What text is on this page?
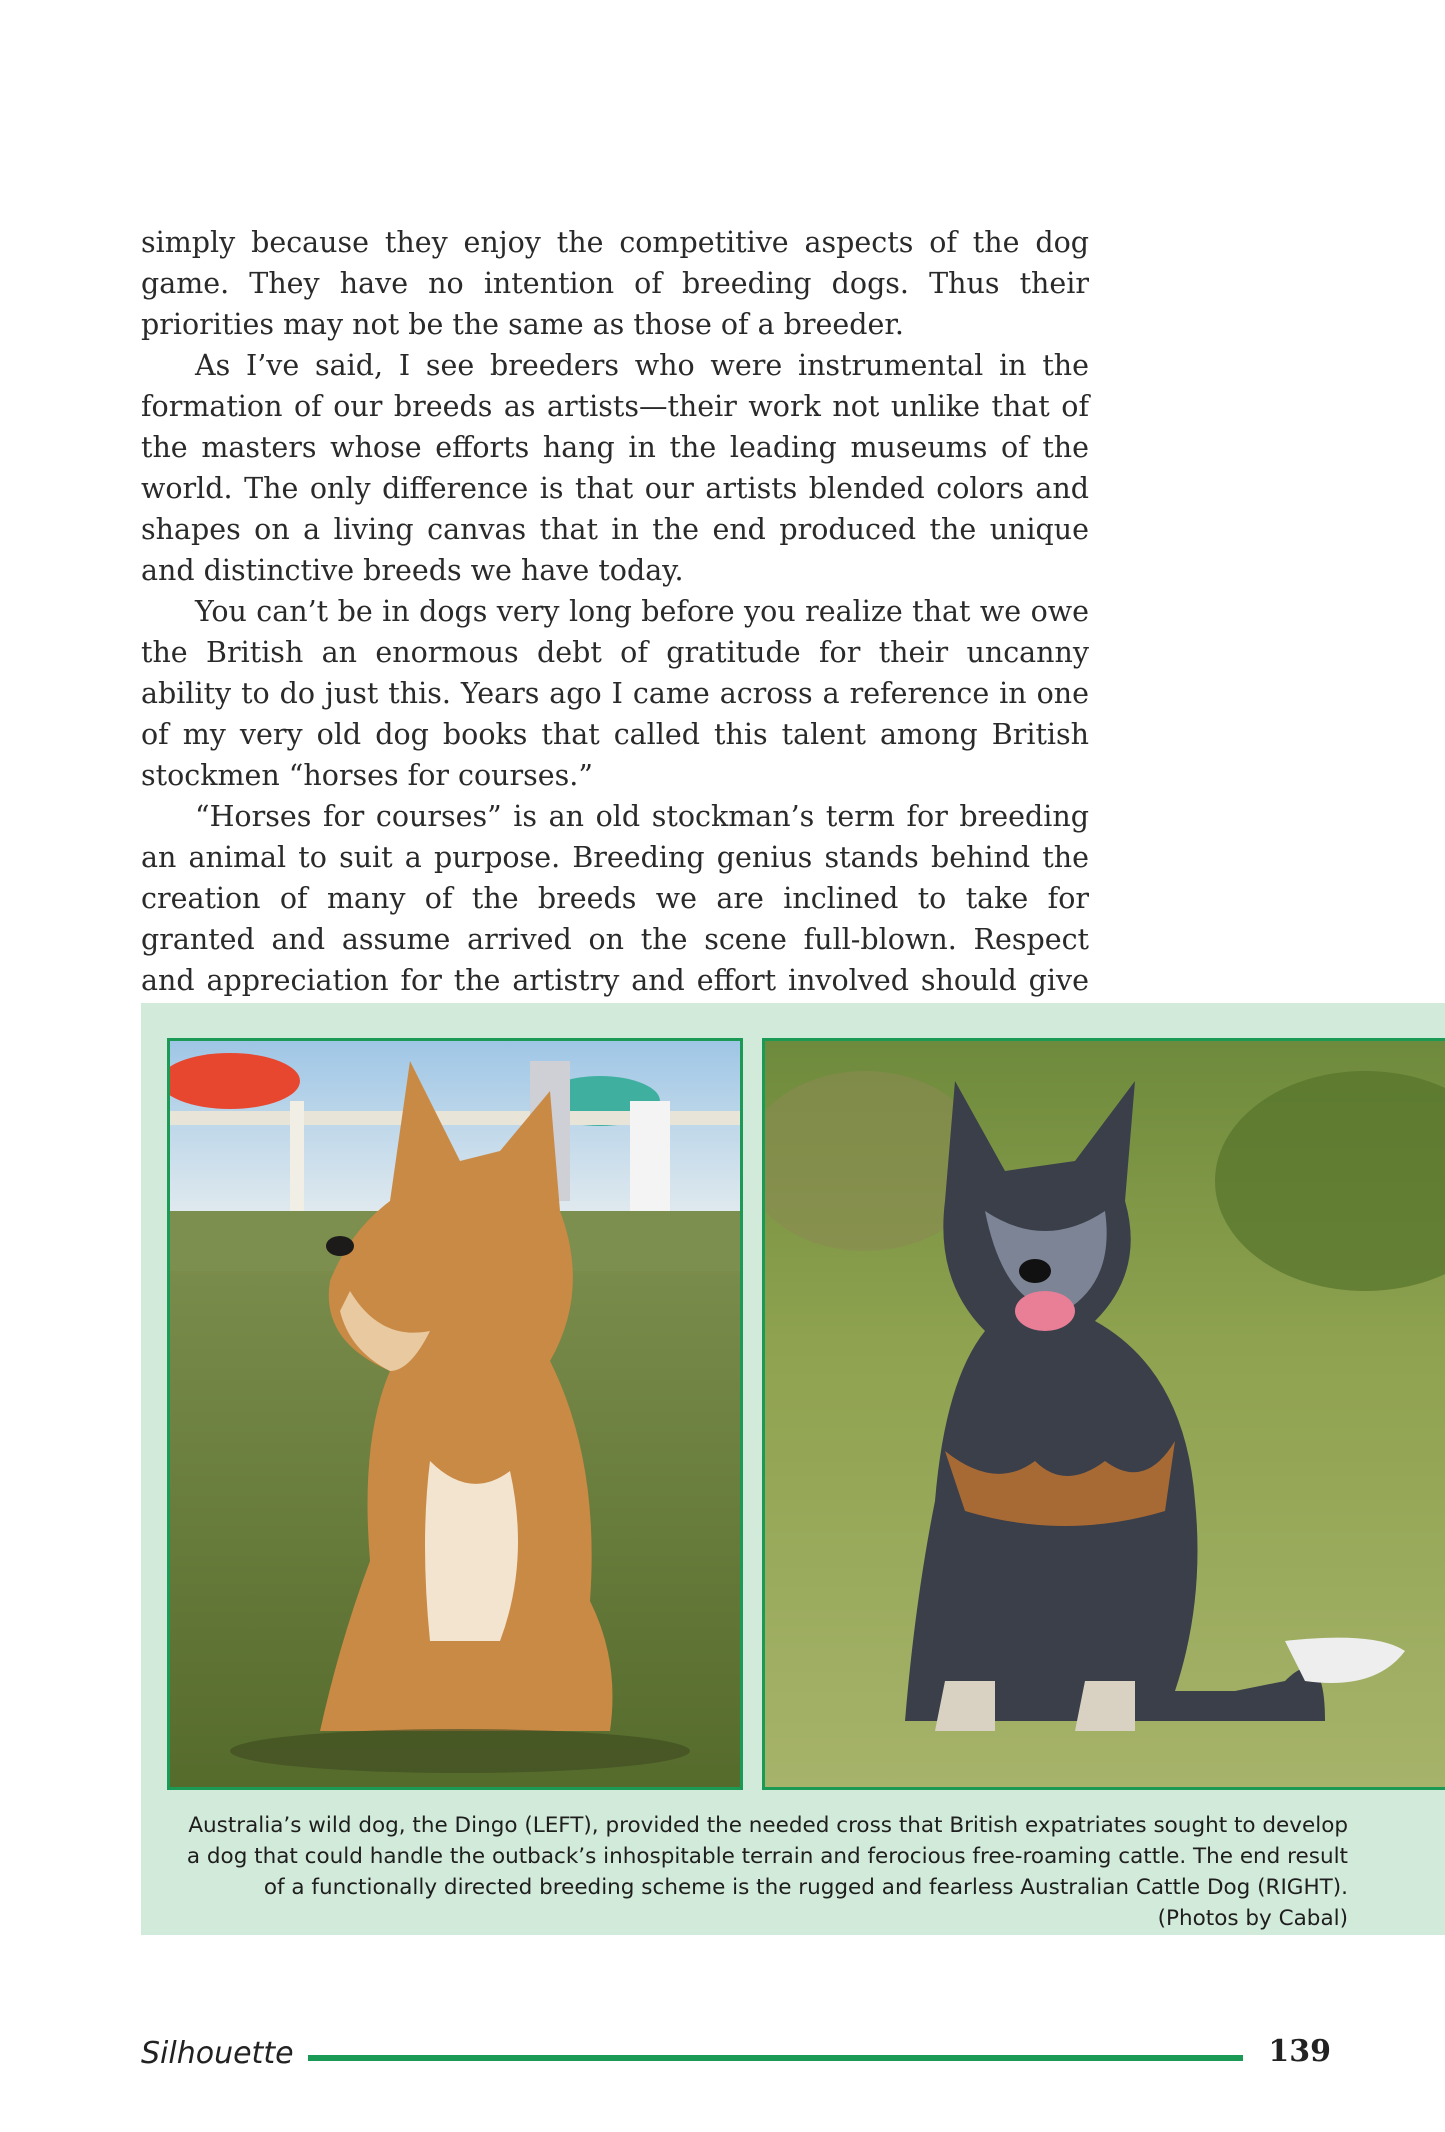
simply because they enjoy the competitive aspects of the dog game. They have no intention of breeding dogs. Thus their priorities may not be the same as those of a breeder.

As I’ve said, I see breeders who were instrumental in the formation of our breeds as artists—their work not unlike that of the masters whose efforts hang in the leading museums of the world. The only difference is that our artists blended colors and shapes on a living canvas that in the end produced the unique and distinctive breeds we have today.

You can’t be in dogs very long before you realize that we owe the British an enormous debt of gratitude for their uncanny ability to do just this. Years ago I came across a reference in one of my very old dog books that called this talent among British stockmen “horses for courses.”

“Horses for courses” is an old stockman’s term for breeding an animal to suit a purpose. Breeding genius stands behind the creation of many of the breeds we are inclined to take for granted and assume arrived on the scene full-blown. Respect and appreciation for the artistry and effort involved should give

Australia’s wild dog, the Dingo (LEFT), provided the needed cross that British expatriates sought to develop a dog that could handle the outback’s inhospitable terrain and ferocious free-roaming cattle. The end result of a functionally directed breeding scheme is the rugged and fearless Australian Cattle Dog (RIGHT). (Photos by Cabal)
Silhouette	139
